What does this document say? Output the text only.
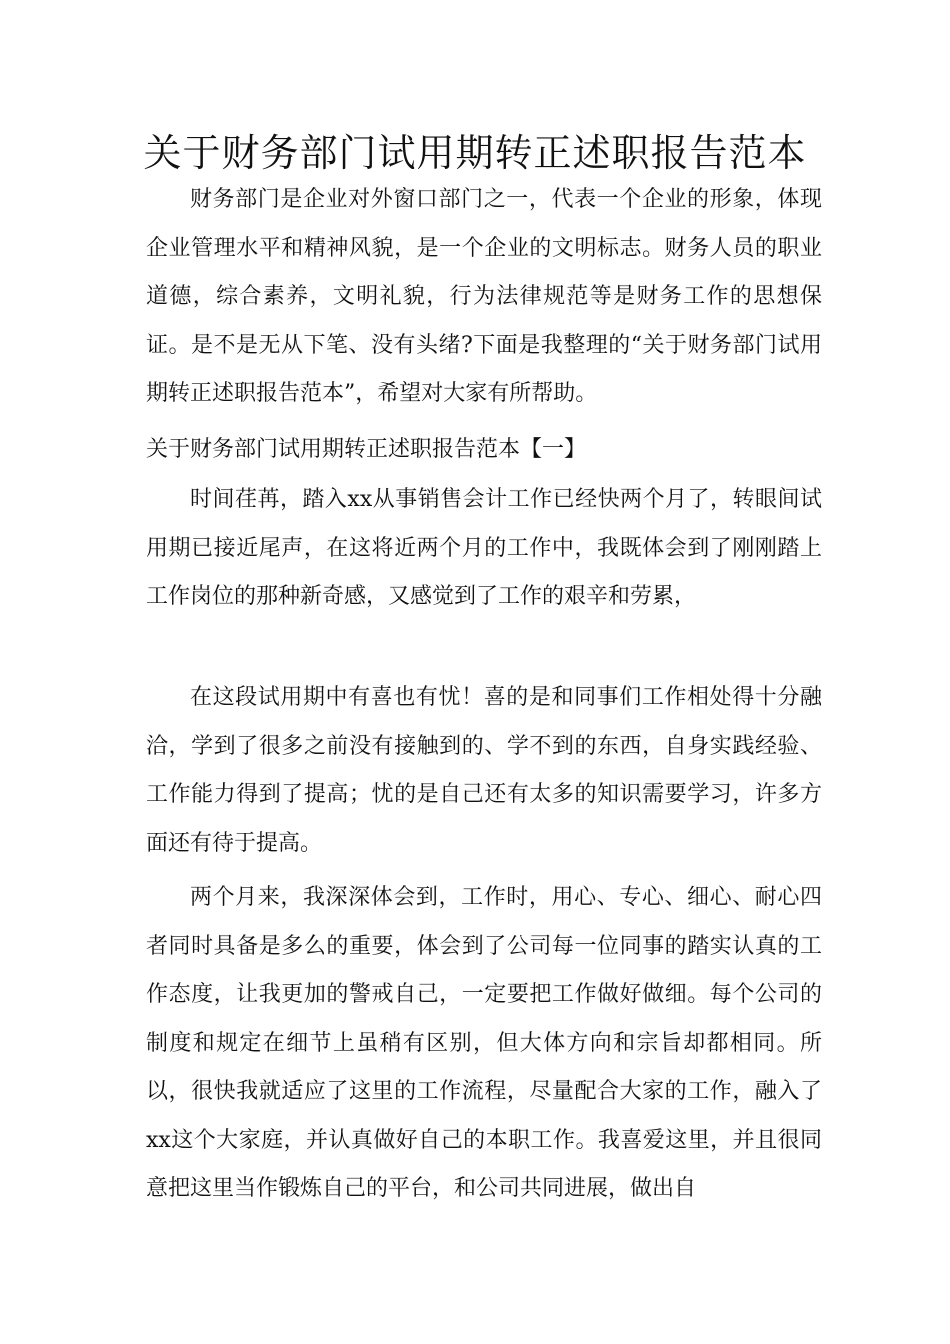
关于财务部门试用期转正述职报告范本

财务部门是企业对外窗口部门之一，代表一个企业的形象，体现企业管理水平和精神风貌，是一个企业的文明标志。财务人员的职业道德，综合素养，文明礼貌，行为法律规范等是财务工作的思想保证。是不是无从下笔、没有头绪?下面是我整理的“关于财务部门试用期转正述职报告范本”，希望对大家有所帮助。

关于财务部门试用期转正述职报告范本【一】

时间荏苒，踏入xx从事销售会计工作已经快两个月了，转眼间试用期已接近尾声，在这将近两个月的工作中，我既体会到了刚刚踏上工作岗位的那种新奇感，又感觉到了工作的艰辛和劳累，

在这段试用期中有喜也有忧！喜的是和同事们工作相处得十分融洽，学到了很多之前没有接触到的、学不到的东西，自身实践经验、工作能力得到了提高；忧的是自己还有太多的知识需要学习，许多方面还有待于提高。

两个月来，我深深体会到，工作时，用心、专心、细心、耐心四者同时具备是多么的重要，体会到了公司每一位同事的踏实认真的工作态度，让我更加的警戒自己，一定要把工作做好做细。每个公司的制度和规定在细节上虽稍有区别，但大体方向和宗旨却都相同。所以，很快我就适应了这里的工作流程，尽量配合大家的工作，融入了xx这个大家庭，并认真做好自己的本职工作。我喜爱这里，并且很同意把这里当作锻炼自己的平台，和公司共同进展，做出自
